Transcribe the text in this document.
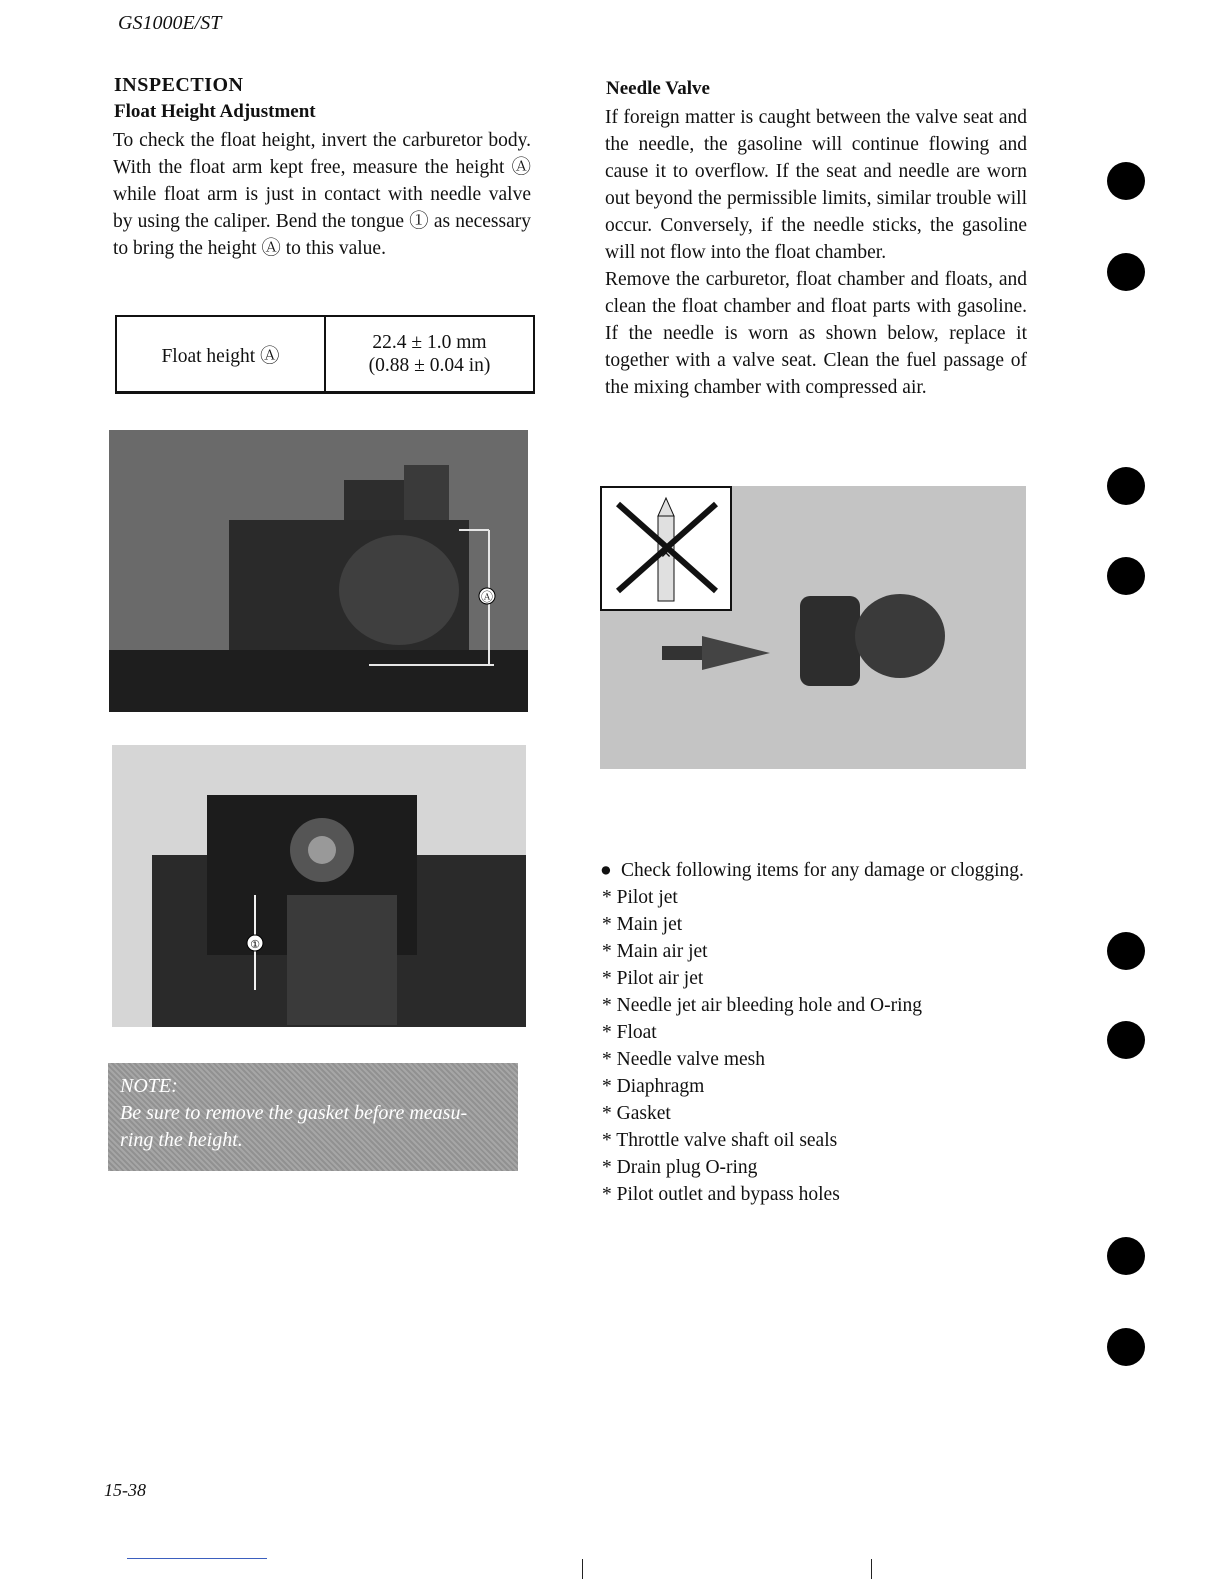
GS1000E/ST
INSPECTION
Float Height Adjustment
To check the float height, invert the carburetor body. With the float arm kept free, measure the height Ⓐ while float arm is just in contact with needle valve by using the caliper. Bend the tongue ① as necessary to bring the height Ⓐ to this value.
Float height Ⓐ
22.4 ± 1.0 mm
(0.88 ± 0.04 in)
Ⓐ
①
NOTE:
Be sure to remove the gasket before measu-
ring the height.
Needle Valve
If foreign matter is caught between the valve seat and the needle, the gasoline will continue flowing and cause it to overflow. If the seat and needle are worn out beyond the permissible limits, similar trouble will occur. Conversely, if the needle sticks, the gasoline will not flow into the float chamber.
Remove the carburetor, float chamber and floats, and clean the float chamber and float parts with gasoline. If the needle is worn as shown below, replace it together with a valve seat. Clean the fuel passage of the mixing chamber with compressed air.
✕
● Check following items for any damage or clogging.
* Pilot jet
* Main jet
* Main air jet
* Pilot air jet
* Needle jet air bleeding hole and O-ring
* Float
* Needle valve mesh
* Diaphragm
* Gasket
* Throttle valve shaft oil seals
* Drain plug O-ring
* Pilot outlet and bypass holes
15-38
